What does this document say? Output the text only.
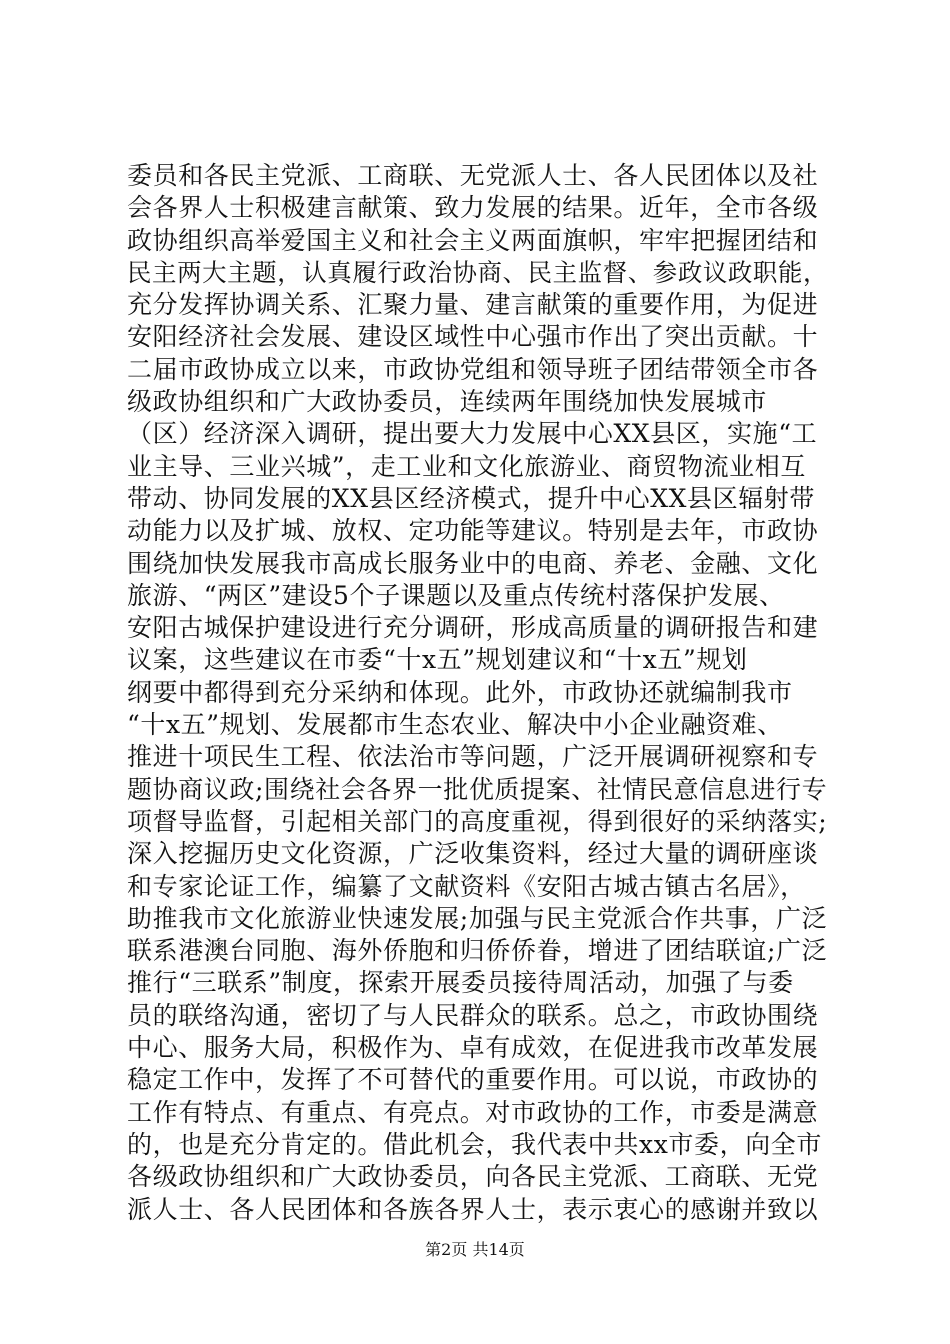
委员和各民主党派、工商联、无党派人士、各人民团体以及社
会各界人士积极建言献策、致力发展的结果。近年，全市各级
政协组织高举爱国主义和社会主义两面旗帜，牢牢把握团结和
民主两大主题，认真履行政治协商、民主监督、参政议政职能，
充分发挥协调关系、汇聚力量、建言献策的重要作用，为促进
安阳经济社会发展、建设区域性中心强市作出了突出贡献。十
二届市政协成立以来，市政协党组和领导班子团结带领全市各
级政协组织和广大政协委员，连续两年围绕加快发展城市
（区）经济深入调研，提出要大力发展中心XX县区，实施“工
业主导、三业兴城”，走工业和文化旅游业、商贸物流业相互
带动、协同发展的XX县区经济模式，提升中心XX县区辐射带
动能力以及扩城、放权、定功能等建议。特别是去年，市政协
围绕加快发展我市高成长服务业中的电商、养老、金融、文化
旅游、“两区”建设5个子课题以及重点传统村落保护发展、
安阳古城保护建设进行充分调研，形成高质量的调研报告和建
议案，这些建议在市委“十x五”规划建议和“十x五”规划
纲要中都得到充分采纳和体现。此外，市政协还就编制我市
“十x五”规划、发展都市生态农业、解决中小企业融资难、
推进十项民生工程、依法治市等问题，广泛开展调研视察和专
题协商议政;围绕社会各界一批优质提案、社情民意信息进行专
项督导监督，引起相关部门的高度重视，得到很好的采纳落实;
深入挖掘历史文化资源，广泛收集资料，经过大量的调研座谈
和专家论证工作，编纂了文献资料《安阳古城古镇古名居》，
助推我市文化旅游业快速发展;加强与民主党派合作共事，广泛
联系港澳台同胞、海外侨胞和归侨侨眷，增进了团结联谊;广泛
推行“三联系”制度，探索开展委员接待周活动，加强了与委
员的联络沟通，密切了与人民群众的联系。总之，市政协围绕
中心、服务大局，积极作为、卓有成效，在促进我市改革发展
稳定工作中，发挥了不可替代的重要作用。可以说，市政协的
工作有特点、有重点、有亮点。对市政协的工作，市委是满意
的，也是充分肯定的。借此机会，我代表中共xx市委，向全市
各级政协组织和广大政协委员，向各民主党派、工商联、无党
派人士、各人民团体和各族各界人士，表示衷心的感谢并致以
第2页 共14页
